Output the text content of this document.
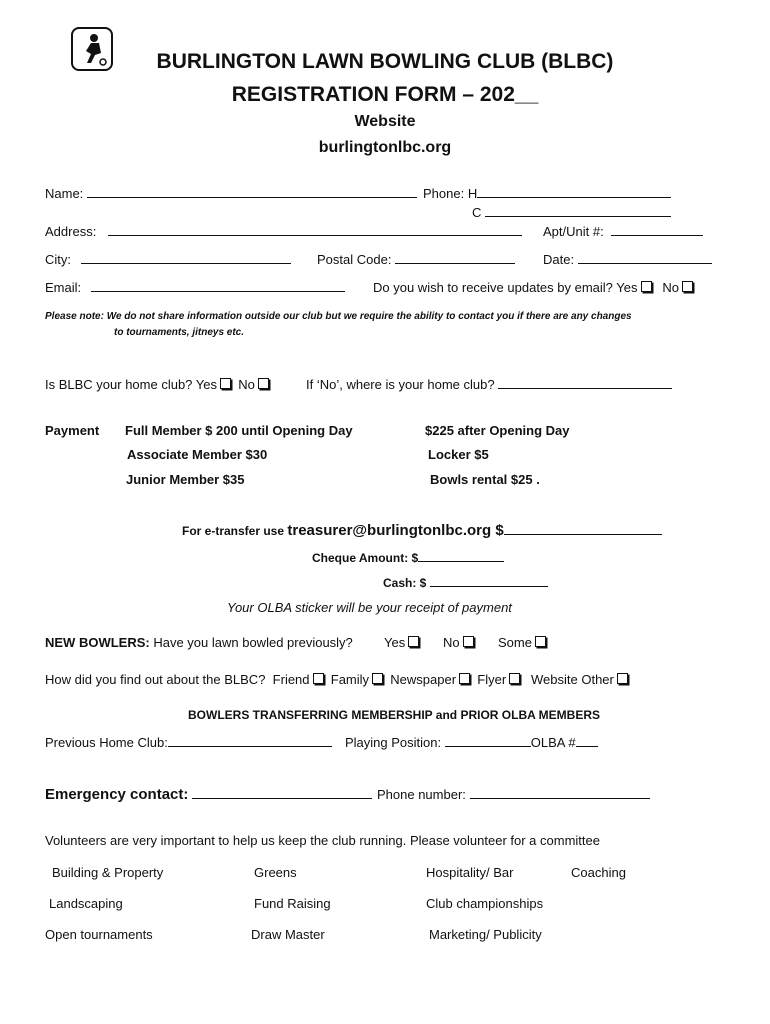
BURLINGTON LAWN BOWLING CLUB (BLBC)
REGISTRATION FORM – 202__
Website
burlingtonlbc.org
Name:	Phone: H
C
Address:	Apt/Unit #:
City:	Postal Code:	Date:
Email:	Do you wish to receive updates by email? Yes No
Please note: We do not share information outside our club but we require the ability to contact you if there are any changes
to tournaments, jitneys etc.
Is BLBC your home club? Yes No	If ‘No’, where is your home club?
Payment Full Member $ 200 until Opening Day	$225 after Opening Day
Associate Member $30	Locker $5
Junior Member $35	Bowls rental $25 .
For e-transfer use treasurer@burlingtonlbc.org $
Cheque Amount: $
Cash: $
Your OLBA sticker will be your receipt of payment
NEW BOWLERS: Have you lawn bowled previously? Yes	No	Some
How did you find out about the BLBC? Friend Family Newspaper Flyer Website Other
BOWLERS TRANSFERRING MEMBERSHIP and PRIOR OLBA MEMBERS
Previous Home Club:	Playing Position:	OLBA #
Emergency contact:	Phone number:
Volunteers are very important to help us keep the club running. Please volunteer for a committee
Building & Property	Greens	Hospitality/ Bar	Coaching
Landscaping	Fund Raising	Club championships
Open tournaments	Draw Master	Marketing/ Publicity
